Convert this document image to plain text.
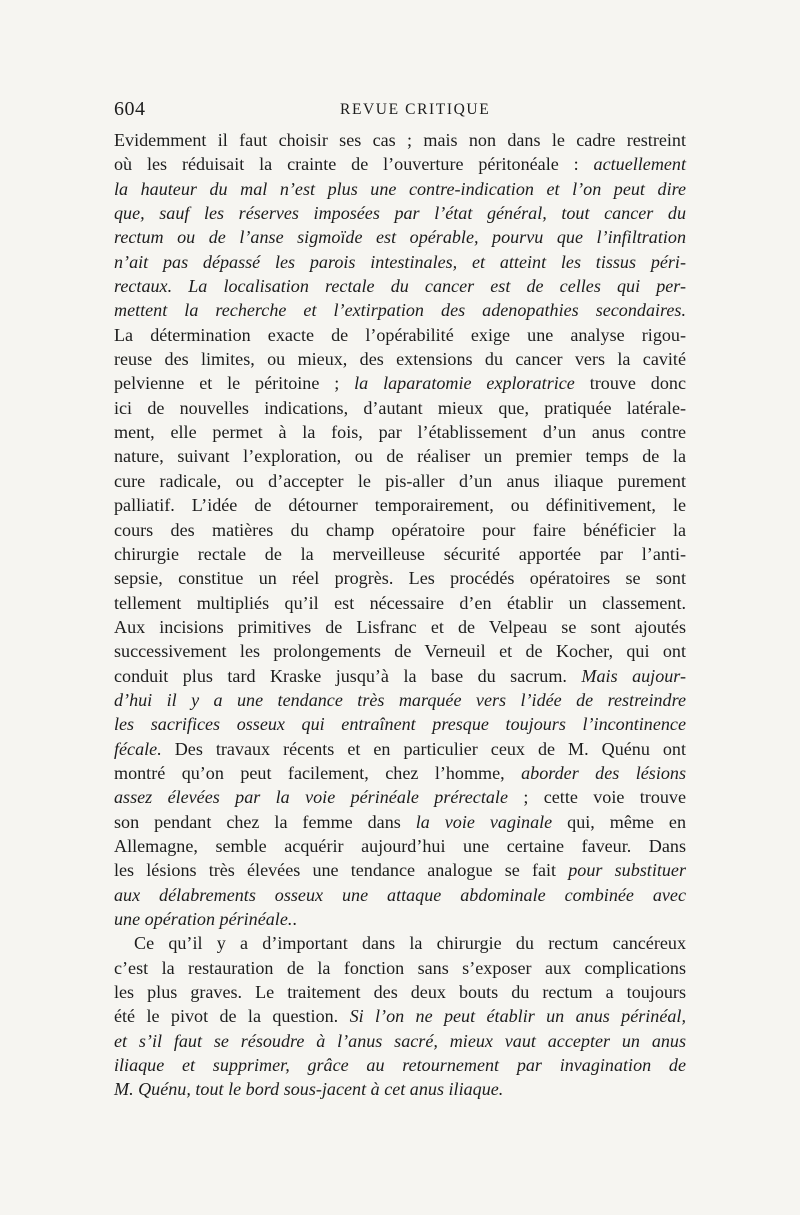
604	REVUE CRITIQUE
Evidemment il faut choisir ses cas ; mais non dans le cadre restreint
où les réduisait la crainte de l’ouverture péritonéale : actuellement
la hauteur du mal n’est plus une contre-indication et l’on peut dire
que, sauf les réserves imposées par l’état général, tout cancer du
rectum ou de l’anse sigmoïde est opérable, pourvu que l’infiltration
n’ait pas dépassé les parois intestinales, et atteint les tissus péri-
rectaux. La localisation rectale du cancer est de celles qui per-
mettent la recherche et l’extirpation des adenopathies secondaires.
La détermination exacte de l’opérabilité exige une analyse rigou-
reuse des limites, ou mieux, des extensions du cancer vers la cavité
pelvienne et le péritoine ; la laparatomie exploratrice trouve donc
ici de nouvelles indications, d’autant mieux que, pratiquée latérale-
ment, elle permet à la fois, par l’établissement d’un anus contre
nature, suivant l’exploration, ou de réaliser un premier temps de la
cure radicale, ou d’accepter le pis-aller d’un anus iliaque purement
palliatif. L’idée de détourner temporairement, ou définitivement, le
cours des matières du champ opératoire pour faire bénéficier la
chirurgie rectale de la merveilleuse sécurité apportée par l’anti-
sepsie, constitue un réel progrès. Les procédés opératoires se sont
tellement multipliés qu’il est nécessaire d’en établir un classement.
Aux incisions primitives de Lisfranc et de Velpeau se sont ajoutés
successivement les prolongements de Verneuil et de Kocher, qui ont
conduit plus tard Kraske jusqu’à la base du sacrum. Mais aujour-
d’hui il y a une tendance très marquée vers l’idée de restreindre
les sacrifices osseux qui entraînent presque toujours l’incontinence
fécale. Des travaux récents et en particulier ceux de M. Quénu ont
montré qu’on peut facilement, chez l’homme, aborder des lésions
assez élevées par la voie périnéale prérectale ; cette voie trouve
son pendant chez la femme dans la voie vaginale qui, même en
Allemagne, semble acquérir aujourd’hui une certaine faveur. Dans
les lésions très élevées une tendance analogue se fait pour substituer
aux délabrements osseux une attaque abdominale combinée avec
une opération périnéale..
Ce qu’il y a d’important dans la chirurgie du rectum cancéreux
c’est la restauration de la fonction sans s’exposer aux complications
les plus graves. Le traitement des deux bouts du rectum a toujours
été le pivot de la question. Si l’on ne peut établir un anus périnéal,
et s’il faut se résoudre à l’anus sacré, mieux vaut accepter un anus
iliaque et supprimer, grâce au retournement par invagination de
M. Quénu, tout le bord sous-jacent à cet anus iliaque.
